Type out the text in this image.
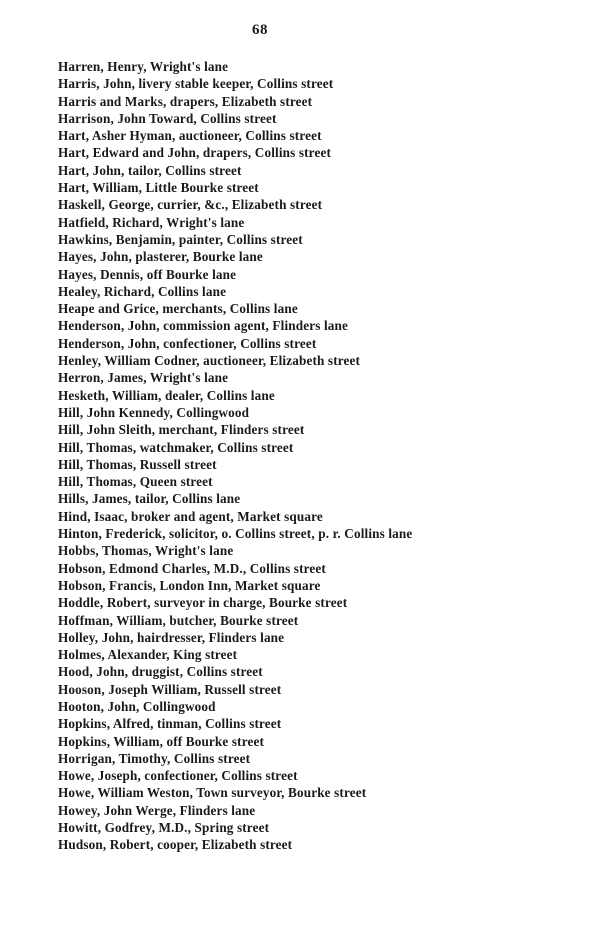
68
Harren, Henry, Wright's lane
Harris, John, livery stable keeper, Collins street
Harris and Marks, drapers, Elizabeth street
Harrison, John Toward, Collins street
Hart, Asher Hyman, auctioneer, Collins street
Hart, Edward and John, drapers, Collins street
Hart, John, tailor, Collins street
Hart, William, Little Bourke street
Haskell, George, currier, &c., Elizabeth street
Hatfield, Richard, Wright's lane
Hawkins, Benjamin, painter, Collins street
Hayes, John, plasterer, Bourke lane
Hayes, Dennis, off Bourke lane
Healey, Richard, Collins lane
Heape and Grice, merchants, Collins lane
Henderson, John, commission agent, Flinders lane
Henderson, John, confectioner, Collins street
Henley, William Codner, auctioneer, Elizabeth street
Herron, James, Wright's lane
Hesketh, William, dealer, Collins lane
Hill, John Kennedy, Collingwood
Hill, John Sleith, merchant, Flinders street
Hill, Thomas, watchmaker, Collins street
Hill, Thomas, Russell street
Hill, Thomas, Queen street
Hills, James, tailor, Collins lane
Hind, Isaac, broker and agent, Market square
Hinton, Frederick, solicitor, o. Collins street, p. r. Collins lane
Hobbs, Thomas, Wright's lane
Hobson, Edmond Charles, M.D., Collins street
Hobson, Francis, London Inn, Market square
Hoddle, Robert, surveyor in charge, Bourke street
Hoffman, William, butcher, Bourke street
Holley, John, hairdresser, Flinders lane
Holmes, Alexander, King street
Hood, John, druggist, Collins street
Hooson, Joseph William, Russell street
Hooton, John, Collingwood
Hopkins, Alfred, tinman, Collins street
Hopkins, William, off Bourke street
Horrigan, Timothy, Collins street
Howe, Joseph, confectioner, Collins street
Howe, William Weston, Town surveyor, Bourke street
Howey, John Werge, Flinders lane
Howitt, Godfrey, M.D., Spring street
Hudson, Robert, cooper, Elizabeth street
